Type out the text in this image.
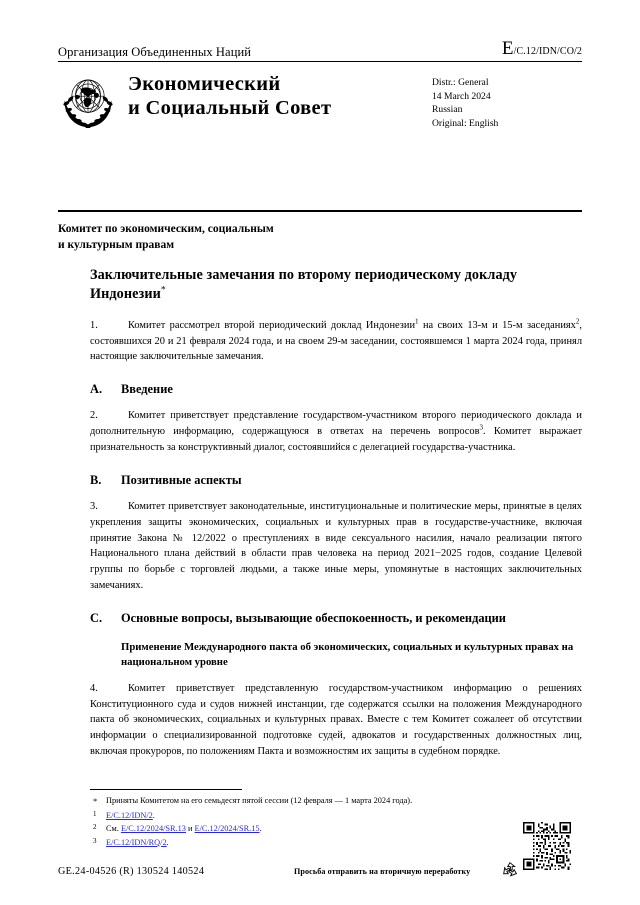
Организация Объединенных Наций	E/C.12/IDN/CO/2
Экономический
и Социальный Совет
Distr.: General
14 March 2024
Russian
Original: English
Комитет по экономическим, социальным
и культурным правам
Заключительные замечания по второму периодическому докладу Индонезии*

1.	Комитет рассмотрел второй периодический доклад Индонезии$^1$ на своих 13-м и 15-м заседаниях$^2$, состоявшихся 20 и 21 февраля 2024 года, и на своем 29-м заседании, состоявшемся 1 марта 2024 года, принял настоящие заключительные замечания.

A.	Введение

2.	Комитет приветствует представление государством-участником второго периодического доклада и дополнительную информацию, содержащуюся в ответах на перечень вопросов$^3$. Комитет выражает признательность за конструктивный диалог, состоявшийся с делегацией государства-участника.

B.	Позитивные аспекты

3.	Комитет приветствует законодательные, институциональные и политические меры, принятые в целях укрепления защиты экономических, социальных и культурных прав в государстве-участнике, включая принятие Закона № 12/2022 о преступлениях в виде сексуального насилия, начало реализации пятого Национального плана действий в области прав человека на период 2021−2025 годов, создание Целевой группы по борьбе с торговлей людьми, а также иные меры, упомянутые в настоящих заключительных замечаниях.

C.	Основные вопросы, вызывающие обеспокоенность, и рекомендации
Применение Международного пакта об экономических, социальных и культурных правах на национальном уровне

4.	Комитет приветствует представленную государством-участником информацию о решениях Конституционного суда и судов нижней инстанции, где содержатся ссылки на положения Международного пакта об экономических, социальных и культурных правах. Вместе с тем Комитет сожалеет об отсутствии информации о специализированной подготовке судей, адвокатов и государственных должностных лиц, включая прокуроров, по положениям Пакта и возможностям их защиты в судебном порядке.

*	Приняты Комитетом на его семьдесят пятой сессии (12 февраля — 1 марта 2024 года).
1	E/C.12/IDN/2.
2	См. E/C.12/2024/SR.13 и E/C.12/2024/SR.15.
3	E/C.12/IDN/RQ/2.
GE.24-04526 (R) 130524 140524	Просьба отправить на вторичную переработку
